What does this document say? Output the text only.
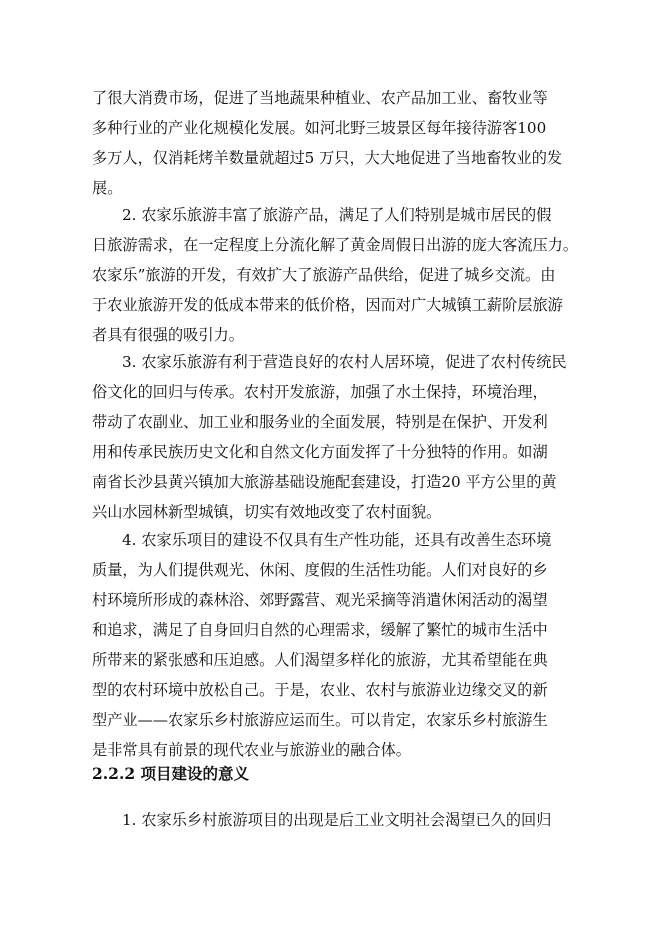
了很大消费市场，促进了当地蔬果种植业、农产品加工业、畜牧业等
多种行业的产业化规模化发展。如河北野三坡景区每年接待游客100
多万人，仅消耗烤羊数量就超过5 万只，大大地促进了当地畜牧业的发
展。
2. 农家乐旅游丰富了旅游产品，满足了人们特别是城市居民的假
日旅游需求，在一定程度上分流化解了黄金周假日出游的庞大客流压力。
农家乐”旅游的开发，有效扩大了旅游产品供给，促进了城乡交流。由
于农业旅游开发的低成本带来的低价格，因而对广大城镇工薪阶层旅游
者具有很强的吸引力。
3. 农家乐旅游有利于营造良好的农村人居环境，促进了农村传统民
俗文化的回归与传承。农村开发旅游，加强了水土保持，环境治理，
带动了农副业、加工业和服务业的全面发展，特别是在保护、开发利
用和传承民族历史文化和自然文化方面发挥了十分独特的作用。如湖
南省长沙县黄兴镇加大旅游基础设施配套建设，打造20 平方公里的黄
兴山水园林新型城镇，切实有效地改变了农村面貌。
4. 农家乐项目的建设不仅具有生产性功能，还具有改善生态环境
质量，为人们提供观光、休闲、度假的生活性功能。人们对良好的乡
村环境所形成的森林浴、郊野露营、观光采摘等消遣休闲活动的渴望
和追求，满足了自身回归自然的心理需求，缓解了繁忙的城市生活中
所带来的紧张感和压迫感。人们渴望多样化的旅游，尤其希望能在典
型的农村环境中放松自己。于是，农业、农村与旅游业边缘交叉的新
型产业——农家乐乡村旅游应运而生。可以肯定，农家乐乡村旅游生
是非常具有前景的现代农业与旅游业的融合体。
2.2.2 项目建设的意义
1. 农家乐乡村旅游项目的出现是后工业文明社会渴望已久的回归
